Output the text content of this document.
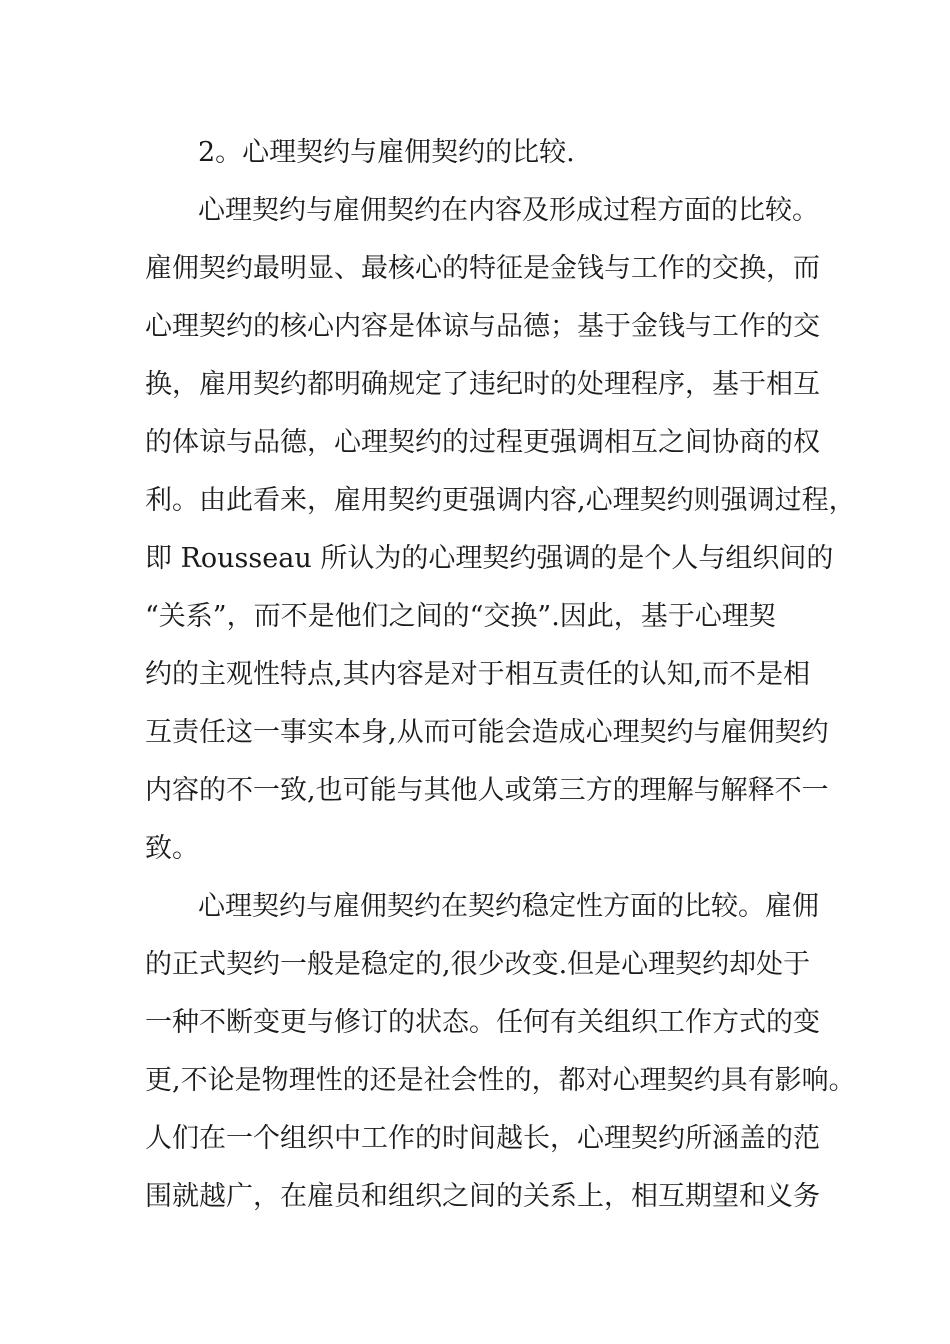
2。心理契约与雇佣契约的比较.

心理契约与雇佣契约在内容及形成过程方面的比较。

雇佣契约最明显、最核心的特征是金钱与工作的交换，而

心理契约的核心内容是体谅与品德；基于金钱与工作的交

换，雇用契约都明确规定了违纪时的处理程序，基于相互

的体谅与品德，心理契约的过程更强调相互之间协商的权

利。由此看来，雇用契约更强调内容,心理契约则强调过程，

即 Rousseau 所认为的心理契约强调的是个人与组织间的

“关系”，而不是他们之间的“交换”.因此，基于心理契

约的主观性特点,其内容是对于相互责任的认知,而不是相

互责任这一事实本身,从而可能会造成心理契约与雇佣契约

内容的不一致,也可能与其他人或第三方的理解与解释不一

致。

心理契约与雇佣契约在契约稳定性方面的比较。雇佣

的正式契约一般是稳定的,很少改变.但是心理契约却处于

一种不断变更与修订的状态。任何有关组织工作方式的变

更,不论是物理性的还是社会性的，都对心理契约具有影响。

人们在一个组织中工作的时间越长，心理契约所涵盖的范

围就越广，在雇员和组织之间的关系上，相互期望和义务
